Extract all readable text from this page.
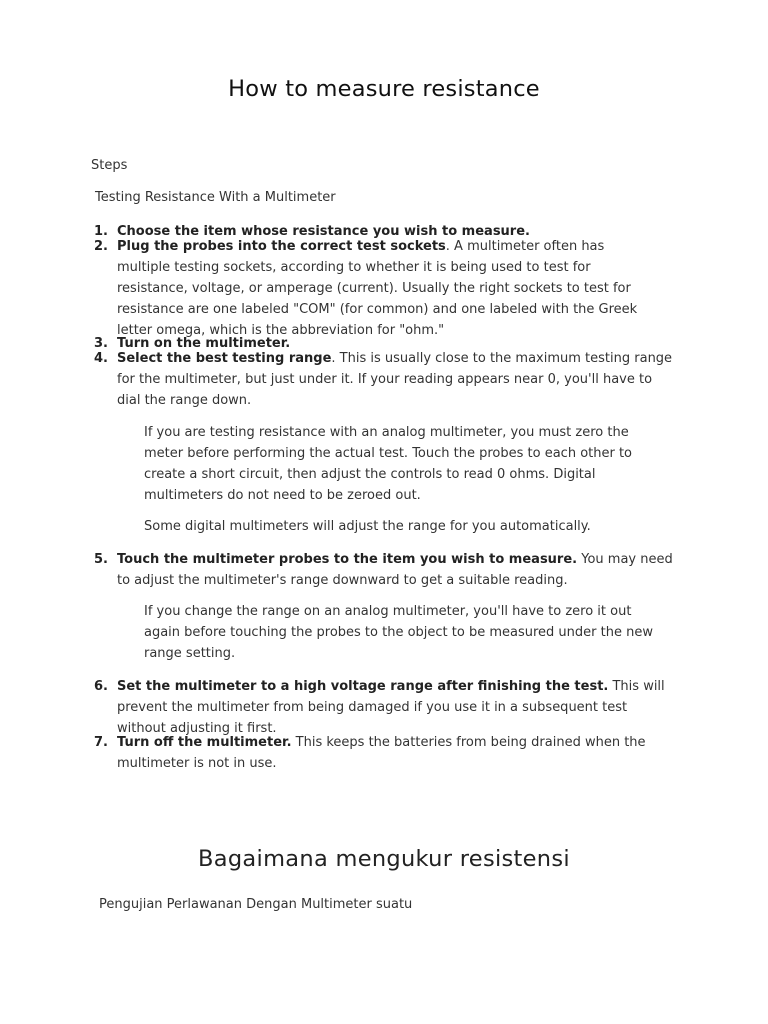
How to measure resistance
Steps
Testing Resistance With a Multimeter
1. Choose the item whose resistance you wish to measure.
2. Plug the probes into the correct test sockets. A multimeter often has multiple testing sockets, according to whether it is being used to test for resistance, voltage, or amperage (current). Usually the right sockets to test for resistance are one labeled "COM" (for common) and one labeled with the Greek letter omega, which is the abbreviation for "ohm."
3. Turn on the multimeter.
4. Select the best testing range. This is usually close to the maximum testing range for the multimeter, but just under it. If your reading appears near 0, you'll have to dial the range down.
If you are testing resistance with an analog multimeter, you must zero the meter before performing the actual test. Touch the probes to each other to create a short circuit, then adjust the controls to read 0 ohms. Digital multimeters do not need to be zeroed out.
Some digital multimeters will adjust the range for you automatically.
5. Touch the multimeter probes to the item you wish to measure. You may need to adjust the multimeter's range downward to get a suitable reading.
If you change the range on an analog multimeter, you'll have to zero it out again before touching the probes to the object to be measured under the new range setting.
6. Set the multimeter to a high voltage range after finishing the test. This will prevent the multimeter from being damaged if you use it in a subsequent test without adjusting it first.
7. Turn off the multimeter. This keeps the batteries from being drained when the multimeter is not in use.
Bagaimana mengukur resistensi
Pengujian Perlawanan Dengan Multimeter suatu
